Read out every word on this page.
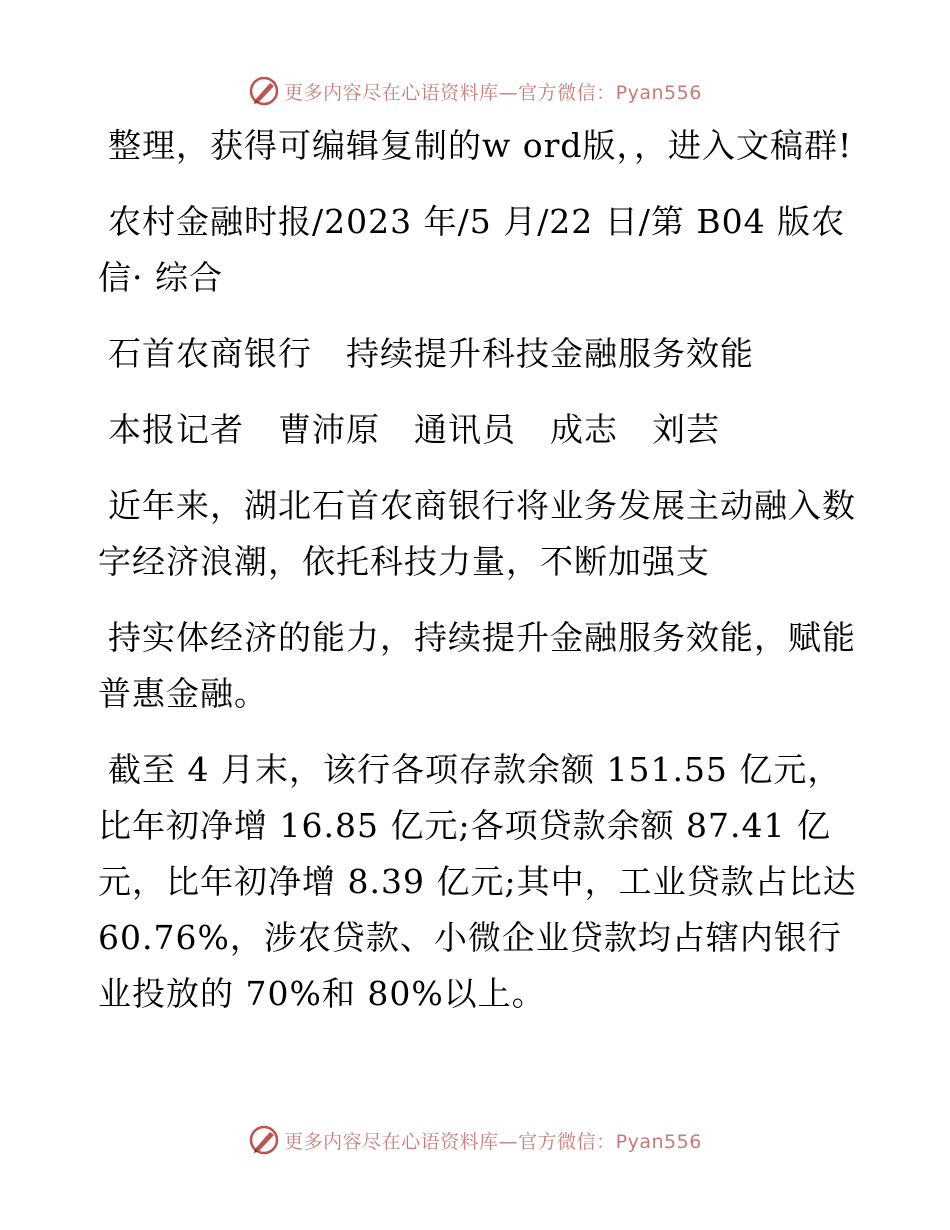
更多内容尽在心语资料库—官方微信：Pyan556

整理，获得可编辑复制的w ord版，，进入文稿群!

农村金融时报/2023 年/5 月/22 日/第 B04 版农信· 综合

石首农商银行　持续提升科技金融服务效能

本报记者　曹沛原　通讯员　成志　刘芸

近年来，湖北石首农商银行将业务发展主动融入数字经济浪潮，依托科技力量，不断加强支

持实体经济的能力，持续提升金融服务效能，赋能普惠金融。

截至 4 月末，该行各项存款余额 151.55 亿元，比年初净增 16.85 亿元;各项贷款余额 87.41 亿元，比年初净增 8.39 亿元;其中，工业贷款占比达 60.76%，涉农贷款、小微企业贷款均占辖内银行业投放的 70%和 80%以上。

更多内容尽在心语资料库—官方微信：Pyan556
